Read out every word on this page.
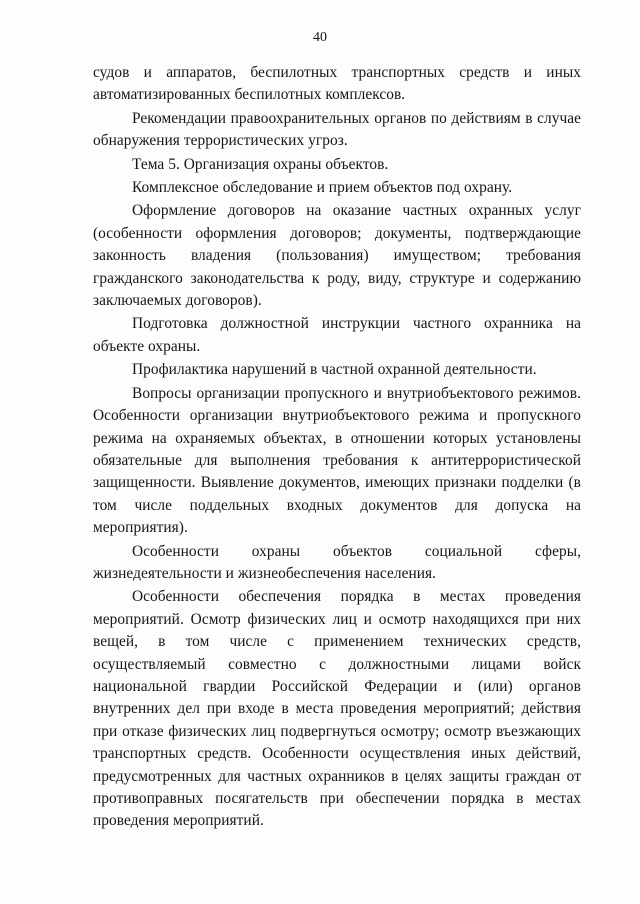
40

судов и аппаратов, беспилотных транспортных средств и иных автоматизированных беспилотных комплексов.

Рекомендации правоохранительных органов по действиям в случае обнаружения террористических угроз.

Тема 5. Организация охраны объектов.

Комплексное обследование и прием объектов под охрану.

Оформление договоров на оказание частных охранных услуг (особенности оформления договоров; документы, подтверждающие законность владения (пользования) имуществом; требования гражданского законодательства к роду, виду, структуре и содержанию заключаемых договоров).

Подготовка должностной инструкции частного охранника на объекте охраны.

Профилактика нарушений в частной охранной деятельности.

Вопросы организации пропускного и внутриобъектового режимов. Особенности организации внутриобъектового режима и пропускного режима на охраняемых объектах, в отношении которых установлены обязательные для выполнения требования к антитеррористической защищенности. Выявление документов, имеющих признаки подделки (в том числе поддельных входных документов для допуска на мероприятия).

Особенности охраны объектов социальной сферы, жизнедеятельности и жизнеобеспечения населения.

Особенности обеспечения порядка в местах проведения мероприятий. Осмотр физических лиц и осмотр находящихся при них вещей, в том числе с применением технических средств, осуществляемый совместно с должностными лицами войск национальной гвардии Российской Федерации и (или) органов внутренних дел при входе в места проведения мероприятий; действия при отказе физических лиц подвергнуться осмотру; осмотр въезжающих транспортных средств. Особенности осуществления иных действий, предусмотренных для частных охранников в целях защиты граждан от противоправных посягательств при обеспечении порядка в местах проведения мероприятий.
